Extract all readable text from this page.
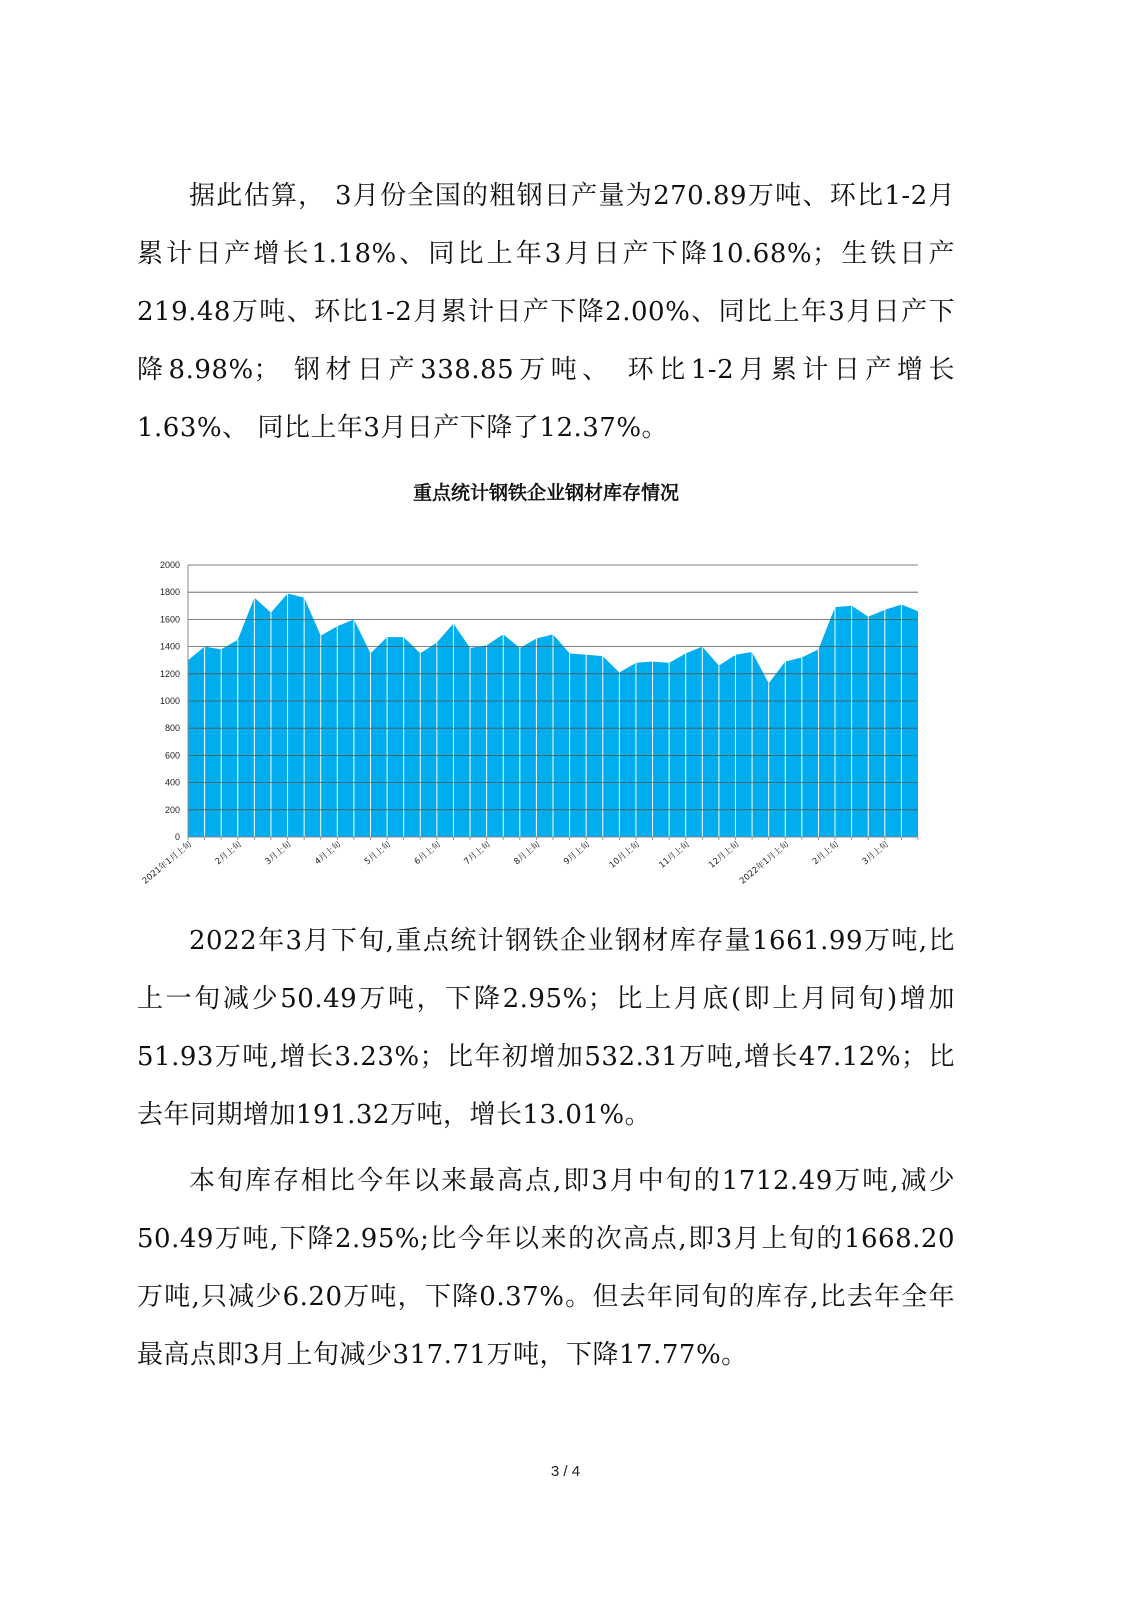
据此估算， 3月份全国的粗钢日产量为270.89万吨、环比1-2月累计日产增长1.18%、同比上年3月日产下降10.68%；生铁日产219.48万吨、环比1-2月累计日产下降2.00%、同比上年3月日产下降8.98%； 钢材日产338.85万吨、 环比1-2月累计日产增长1.63%、 同比上年3月日产下降了12.37%。

重点统计钢铁企业钢材库存情况
0
200
400
600
800
1000
1200
1400
1600
1800
2000
2021年1月上旬 2月上旬 3月上旬 4月上旬 5月上旬 6月上旬 7月上旬 8月上旬 9月上旬 10月上旬 11月上旬 12月上旬
2022年1月上旬 2月上旬 3月上旬

2022年3月下旬,重点统计钢铁企业钢材库存量1661.99万吨,比上一旬减少50.49万吨，下降2.95%；比上月底(即上月同旬)增加51.93万吨,增长3.23%；比年初增加532.31万吨,增长47.12%；比去年同期增加191.32万吨，增长13.01%。

本旬库存相比今年以来最高点,即3月中旬的1712.49万吨,减少50.49万吨,下降2.95%;比今年以来的次高点,即3月上旬的1668.20万吨,只减少6.20万吨，下降0.37%。但去年同旬的库存,比去年全年最高点即3月上旬减少317.71万吨，下降17.77%。

3 / 4
